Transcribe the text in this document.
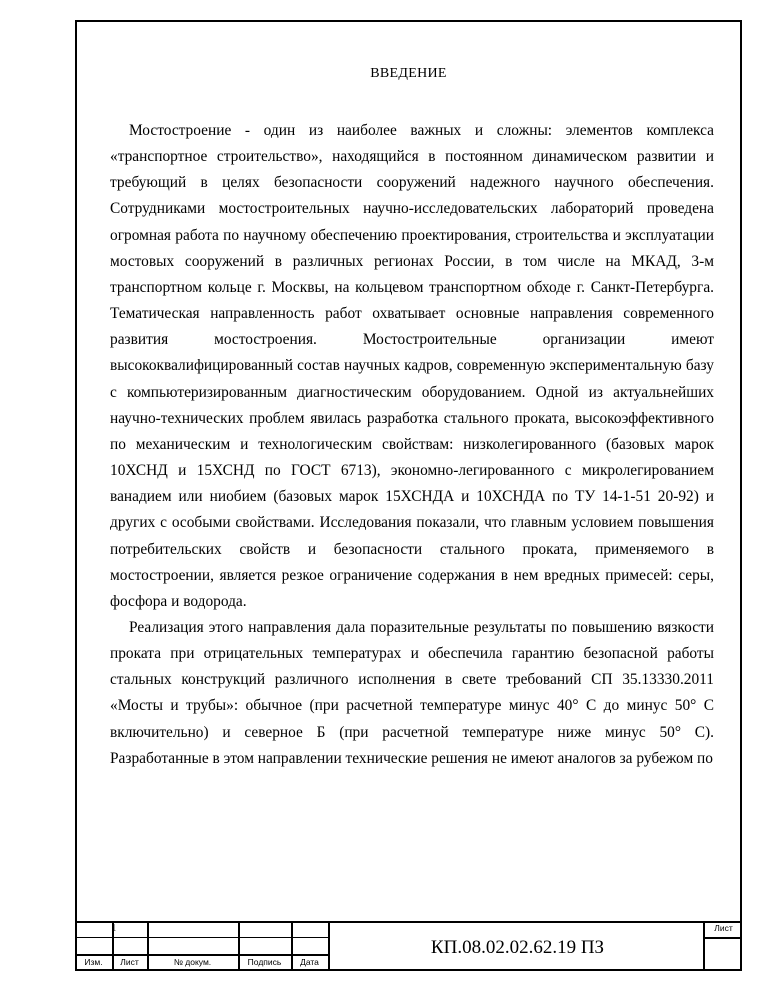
ВВЕДЕНИЕ

Мостостроение - один из наиболее важных и сложны: элементов комплекса «транспортное строительство», находящийся в постоянном динамическом развитии и требующий в целях безопасности сооружений надежного научного обеспечения. Сотрудниками мостостроительных научно-исследовательских лабораторий проведена огромная работа по научному обеспечению проектирования, строительства и эксплуатации мостовых сооружений в различных регионах России, в том числе на МКАД, 3-м транспортном кольце г. Москвы, на кольцевом транспортном обходе г. Санкт-Петербурга. Тематическая направленность работ охватывает основные направления современного развития мостостроения. Мостостроительные организации имеют высококвалифицированный состав научных кадров, современную экспериментальную базу с компьютеризированным диагностическим оборудованием. Одной из актуальнейших научно-технических проблем явилась разработка стального проката, высокоэффективного по механическим и технологическим свойствам: низколегированного (базовых марок 10ХСНД и 15ХСНД по ГОСТ 6713), экономно-легированного с микролегированием ванадием или ниобием (базовых марок 15ХСНДА и 10ХСНДА по ТУ 14-1-51 20-92) и других с особыми свойствами. Исследования показали, что главным условием повышения потребительских свойств и безопасности стального проката, применяемого в мостостроении, является резкое ограничение содержания в нем вредных примесей: серы, фосфора и водорода.

Реализация этого направления дала поразительные результаты по повышению вязкости проката при отрицательных температурах и обеспечила гарантию безопасной работы стальных конструкций различного исполнения в свете требований СП 35.13330.2011 «Мосты и трубы»: обычное (при расчетной температуре минус 40° С до минус 50° С включительно) и северное Б (при расчетной температуре ниже минус 50° С). Разработанные в этом направлении технические решения не имеют аналогов за рубежом по

1
Изм.	Лист	№ докум.	Подпись	Дата
КП.08.02.02.62.19 ПЗ
Лист
